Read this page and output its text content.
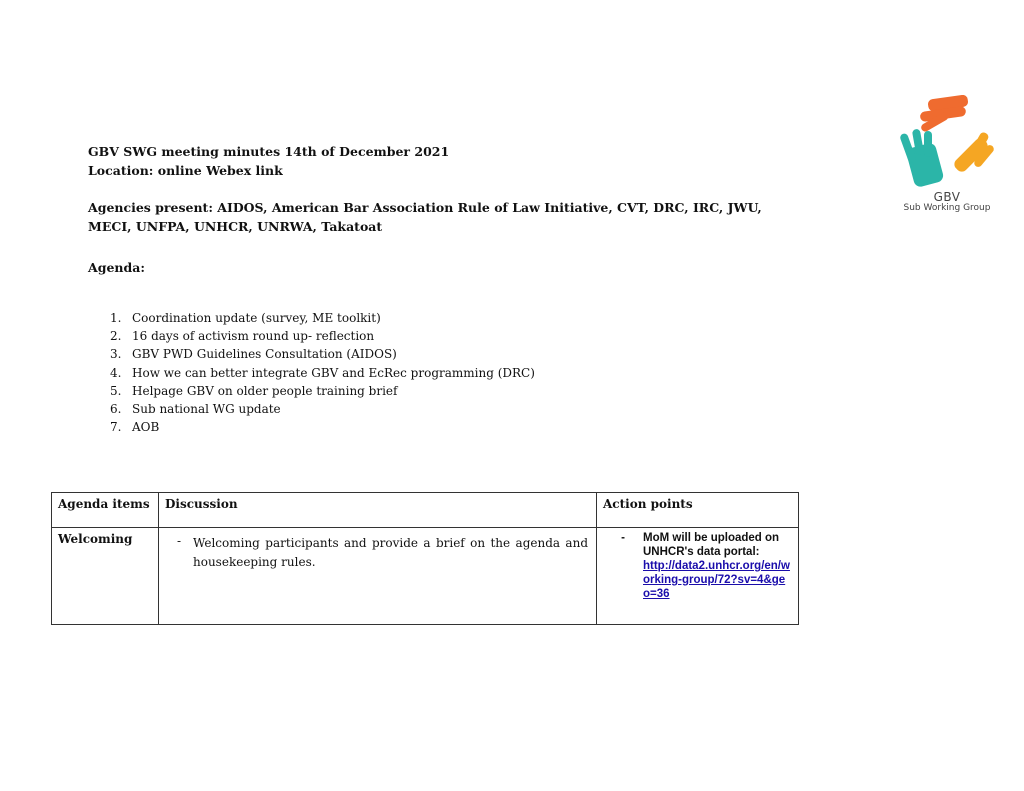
GBV SWG meeting minutes 14th of December 2021

Location: online Webex link

Agencies present: AIDOS, American Bar Association Rule of Law Initiative, CVT, DRC, IRC, JWU, MECI, UNFPA, UNHCR, UNRWA, Takatoat

Agenda:
1. Coordination update (survey, ME toolkit)
2. 16 days of activism round up- reflection
3. GBV PWD Guidelines Consultation (AIDOS)
4. How we can better integrate GBV and EcRec programming (DRC)
5. Helpage GBV on older people training brief
6. Sub national WG update
7. AOB
GBV
Sub Working Group
Agenda items	Discussion	Action points
Welcoming	- Welcoming participants and provide a brief on the agenda and housekeeping rules.	- MoM will be uploaded on UNHCR's data portal:
http://data2.unhcr.org/en/working-group/72?sv=4&geo=36
